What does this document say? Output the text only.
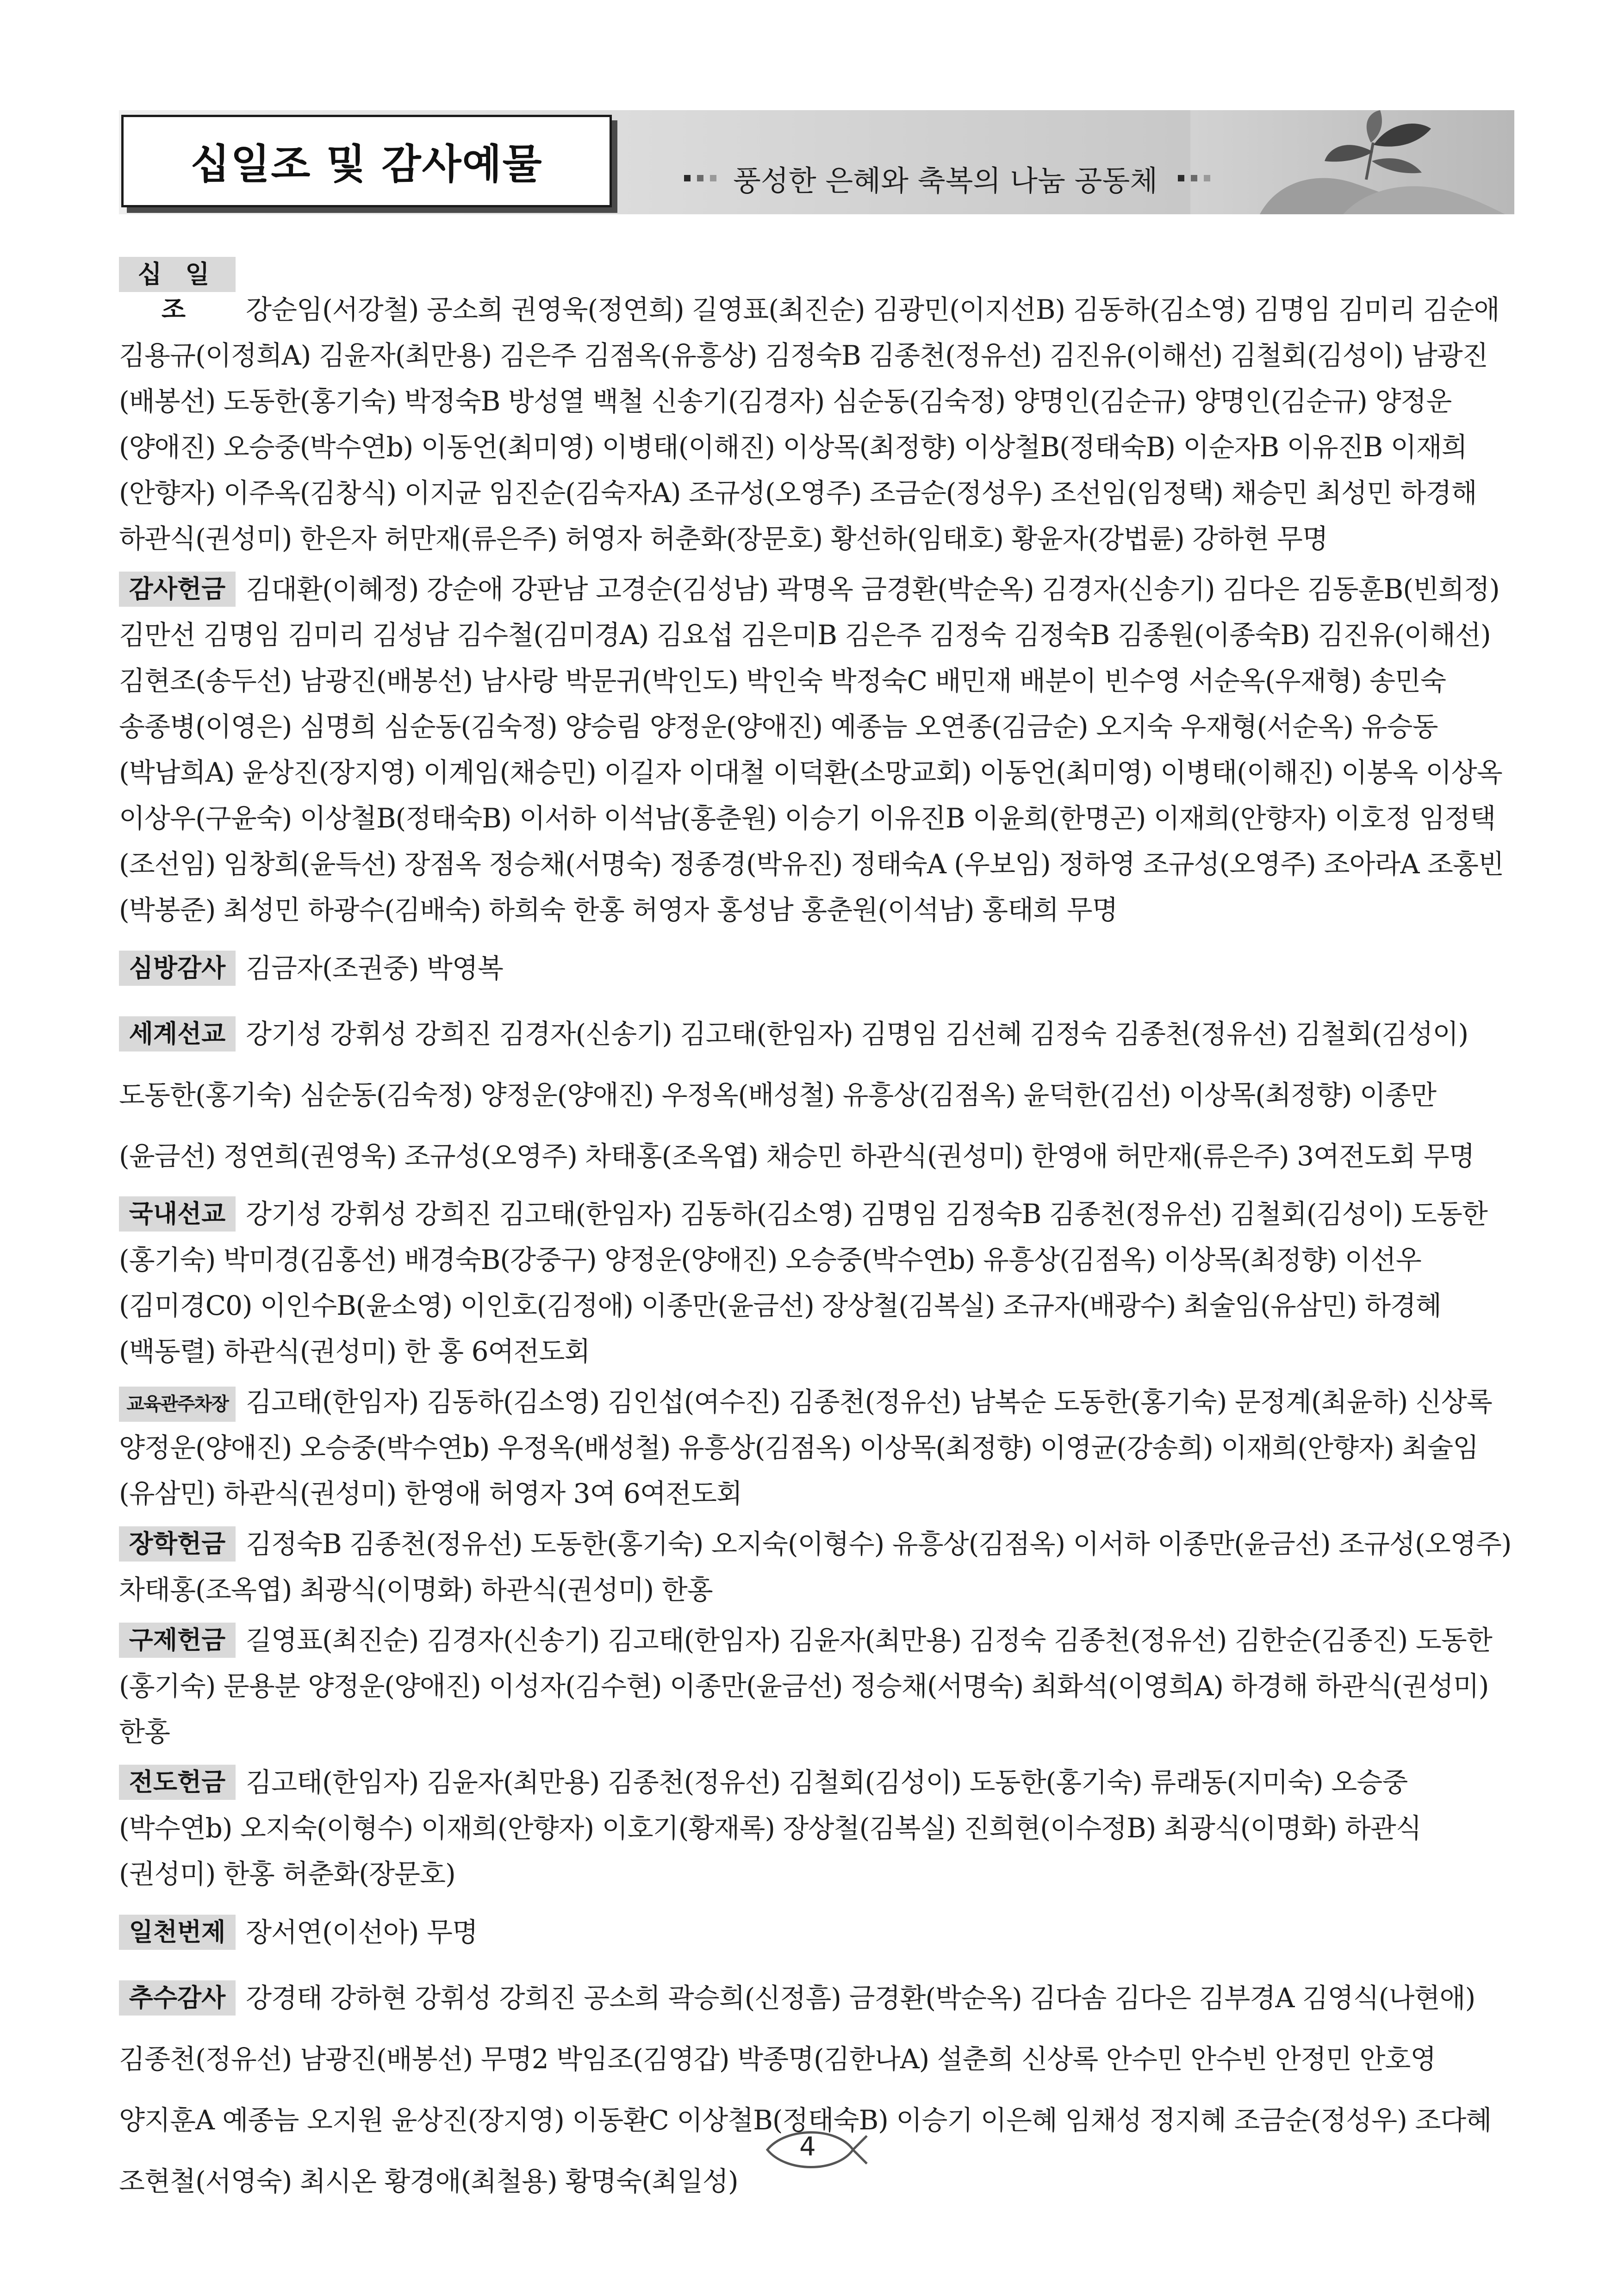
십일조 및 감사예물	풍성한 은혜와 축복의 나눔 공동체
십 일 조 강순임(서강철) 공소희 권영욱(정연희) 길영표(최진순) 김광민(이지선B) 김동하(김소영) 김명임 김미리 김순애 김용규(이정희A) 김윤자(최만용) 김은주 김점옥(유흥상) 김정숙B 김종천(정유선) 김진유(이해선) 김철회(김성이) 남광진(배봉선) 도동한(홍기숙) 박정숙B 방성열 백철 신송기(김경자) 심순동(김숙정) 양명인(김순규) 양명인(김순규) 양정운(양애진) 오승중(박수연b) 이동언(최미영) 이병태(이해진) 이상목(최정향) 이상철B(정태숙B) 이순자B 이유진B 이재희(안향자) 이주옥(김창식) 이지균 임진순(김숙자A) 조규성(오영주) 조금순(정성우) 조선임(임정택) 채승민 최성민 하경해 하관식(권성미) 한은자 허만재(류은주) 허영자 허춘화(장문호) 황선하(임태호) 황윤자(강법륜) 강하현 무명
감사헌금 김대환(이혜정) 강순애 강판남 고경순(김성남) 곽명옥 금경환(박순옥) 김경자(신송기) 김다은 김동훈B(빈희정) 김만선 김명임 김미리 김성남 김수철(김미경A) 김요섭 김은미B 김은주 김정숙 김정숙B 김종원(이종숙B) 김진유(이해선) 김현조(송두선) 남광진(배봉선) 남사랑 박문귀(박인도) 박인숙 박정숙C 배민재 배분이 빈수영 서순옥(우재형) 송민숙 송종병(이영은) 심명희 심순동(김숙정) 양승림 양정운(양애진) 예종늠 오연종(김금순) 오지숙 우재형(서순옥) 유승동(박남희A) 윤상진(장지영) 이계임(채승민) 이길자 이대철 이덕환(소망교회) 이동언(최미영) 이병태(이해진) 이봉옥 이상옥 이상우(구윤숙) 이상철B(정태숙B) 이서하 이석남(홍춘원) 이승기 이유진B 이윤희(한명곤) 이재희(안향자) 이호정 임정택(조선임) 임창희(윤득선) 장점옥 정승채(서명숙) 정종경(박유진) 정태숙A (우보임) 정하영 조규성(오영주) 조아라A 조홍빈(박봉준) 최성민 하광수(김배숙) 하희숙 한홍 허영자 홍성남 홍춘원(이석남) 홍태희 무명
심방감사 김금자(조권중) 박영복
세계선교 강기성 강휘성 강희진 김경자(신송기) 김고태(한임자) 김명임 김선혜 김정숙 김종천(정유선) 김철회(김성이) 도동한(홍기숙) 심순동(김숙정) 양정운(양애진) 우정옥(배성철) 유흥상(김점옥) 윤덕한(김선) 이상목(최정향) 이종만(윤금선) 정연희(권영욱) 조규성(오영주) 차태홍(조옥엽) 채승민 하관식(권성미) 한영애 허만재(류은주) 3여전도회 무명
국내선교 강기성 강휘성 강희진 김고태(한임자) 김동하(김소영) 김명임 김정숙B 김종천(정유선) 김철회(김성이) 도동한(홍기숙) 박미경(김홍선) 배경숙B(강중구) 양정운(양애진) 오승중(박수연b) 유흥상(김점옥) 이상목(최정향) 이선우(김미경C0) 이인수B(윤소영) 이인호(김정애) 이종만(윤금선) 장상철(김복실) 조규자(배광수) 최술임(유삼민) 하경혜(백동렬) 하관식(권성미) 한 홍 6여전도회
교육관주차장 김고태(한임자) 김동하(김소영) 김인섭(여수진) 김종천(정유선) 남복순 도동한(홍기숙) 문정계(최윤하) 신상록 양정운(양애진) 오승중(박수연b) 우정옥(배성철) 유흥상(김점옥) 이상목(최정향) 이영균(강송희) 이재희(안향자) 최술임(유삼민) 하관식(권성미) 한영애 허영자 3여 6여전도회
장학헌금 김정숙B 김종천(정유선) 도동한(홍기숙) 오지숙(이형수) 유흥상(김점옥) 이서하 이종만(윤금선) 조규성(오영주) 차태홍(조옥엽) 최광식(이명화) 하관식(권성미) 한홍
구제헌금 길영표(최진순) 김경자(신송기) 김고태(한임자) 김윤자(최만용) 김정숙 김종천(정유선) 김한순(김종진) 도동한(홍기숙) 문용분 양정운(양애진) 이성자(김수현) 이종만(윤금선) 정승채(서명숙) 최화석(이영희A) 하경해 하관식(권성미) 한홍
전도헌금 김고태(한임자) 김윤자(최만용) 김종천(정유선) 김철회(김성이) 도동한(홍기숙) 류래동(지미숙) 오승중(박수연b) 오지숙(이형수) 이재희(안향자) 이호기(황재록) 장상철(김복실) 진희현(이수정B) 최광식(이명화) 하관식(권성미) 한홍 허춘화(장문호)
일천번제 장서연(이선아) 무명
추수감사 강경태 강하현 강휘성 강희진 공소희 곽승희(신정흠) 금경환(박순옥) 김다솜 김다은 김부경A 김영식(나현애) 김종천(정유선) 남광진(배봉선) 무명2 박임조(김영갑) 박종명(김한나A) 설춘희 신상록 안수민 안수빈 안정민 안호영 양지훈A 예종늠 오지원 윤상진(장지영) 이동환C 이상철B(정태숙B) 이승기 이은혜 임채성 정지혜 조금순(정성우) 조다혜 조현철(서영숙) 최시온 황경애(최철용) 황명숙(최일성)
4
